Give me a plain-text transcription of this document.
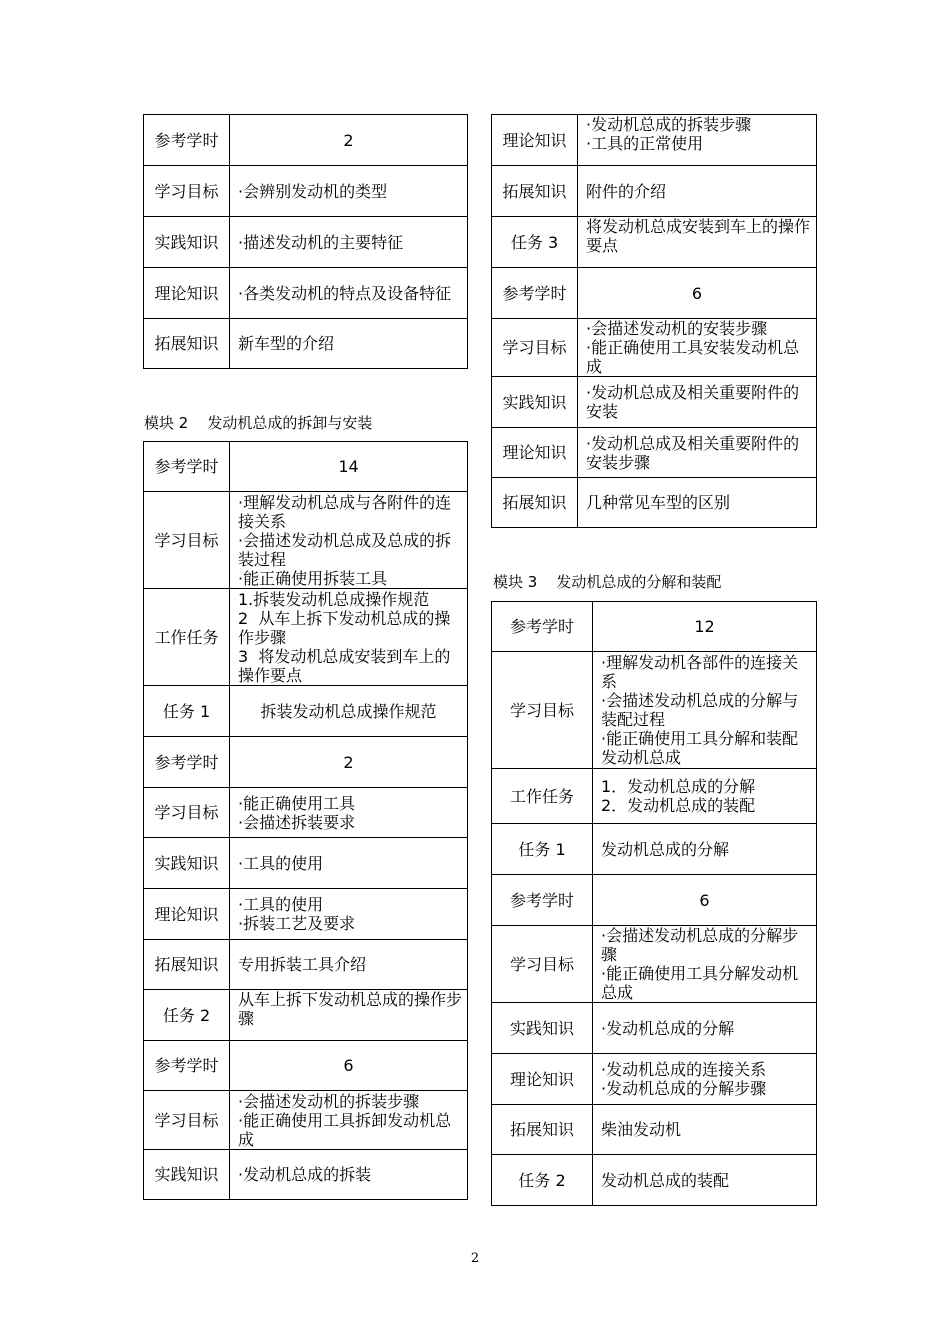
参考学时	2

学习目标	·会辨别发动机的类型

实践知识	·描述发动机的主要特征

理论知识	·各类发动机的特点及设备特征

拓展知识	新车型的介绍
模块 2    发动机总成的拆卸与安装
参考学时	14

学习目标	·理解发动机总成与各附件的连接关系
·会描述发动机总成及总成的拆装过程
·能正确使用拆装工具

工作任务	1.拆装发动机总成操作规范
2  从车上拆下发动机总成的操作步骤
3  将发动机总成安装到车上的操作要点

任务 1	拆装发动机总成操作规范

参考学时	2

学习目标	·能正确使用工具
·会描述拆装要求

实践知识	·工具的使用

理论知识	·工具的使用
·拆装工艺及要求

拓展知识	专用拆装工具介绍

任务 2	从车上拆下发动机总成的操作步骤

参考学时	6

学习目标	·会描述发动机的拆装步骤
·能正确使用工具拆卸发动机总成

实践知识	·发动机总成的拆装
理论知识	·发动机总成的拆装步骤
·工具的正常使用

拓展知识	附件的介绍

任务 3	将发动机总成安装到车上的操作要点

参考学时	6

学习目标	·会描述发动机的安装步骤
·能正确使用工具安装发动机总成

实践知识	·发动机总成及相关重要附件的安装

理论知识	·发动机总成及相关重要附件的安装步骤

拓展知识	几种常见车型的区别
模块 3    发动机总成的分解和装配
参考学时	12

学习目标	·理解发动机各部件的连接关系
·会描述发动机总成的分解与装配过程
·能正确使用工具分解和装配发动机总成

工作任务	1．发动机总成的分解
2．发动机总成的装配

任务 1	发动机总成的分解

参考学时	6

学习目标	·会描述发动机总成的分解步骤
·能正确使用工具分解发动机总成

实践知识	·发动机总成的分解

理论知识	·发动机总成的连接关系
·发动机总成的分解步骤

拓展知识	柴油发动机

任务 2	发动机总成的装配
2
